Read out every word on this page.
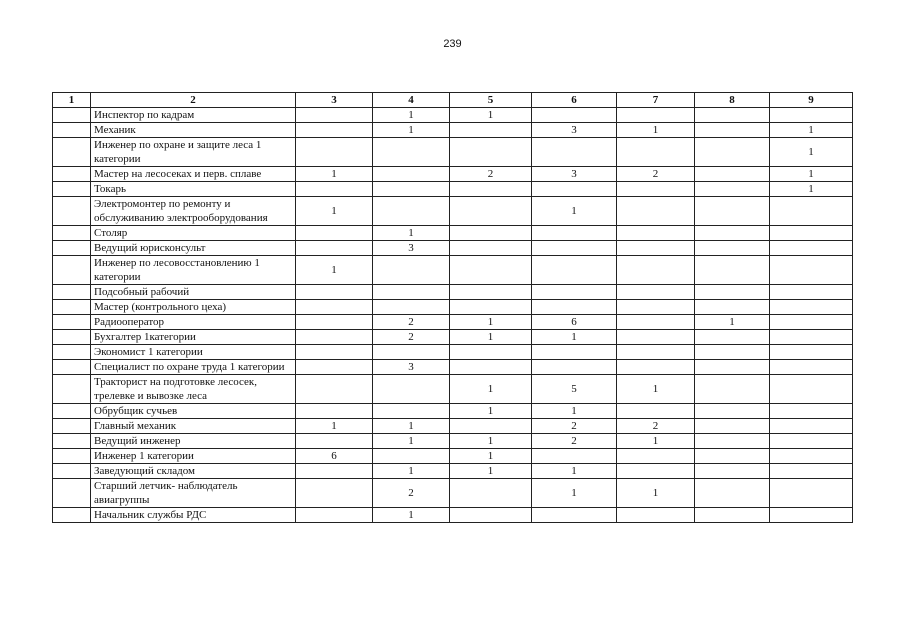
239
1	2	3	4	5	6	7	8	9
	Инспектор по кадрам		1	1				
	Механик		1		3	1		1
	Инженер по охране и защите леса 1 категории							1
	Мастер на лесосеках и перв. сплаве	1		2	3	2		1
	Токарь							1
	Электромонтер по ремонту и обслуживанию электрооборудования	1			1			
	Столяр		1					
	Ведущий юрисконсульт		3					
	Инженер по лесовосстановлению 1 категории	1						
	Подсобный рабочий							
	Мастер (контрольного цеха)							
	Радиооператор		2	1	6		1	
	Бухгалтер 1категории		2	1	1			
	Экономист 1 категории							
	Специалист по охране труда 1 категории		3					
	Тракторист на подготовке лесосек, трелевке и вывозке леса			1	5	1		
	Обрубщик сучьев			1	1			
	Главный механик	1	1		2	2		
	Ведущий инженер		1	1	2	1		
	Инженер 1 категории	6		1				
	Заведующий складом		1	1	1			
	Старший летчик- наблюдатель авиагруппы		2		1	1		
	Начальник службы РДС		1					
